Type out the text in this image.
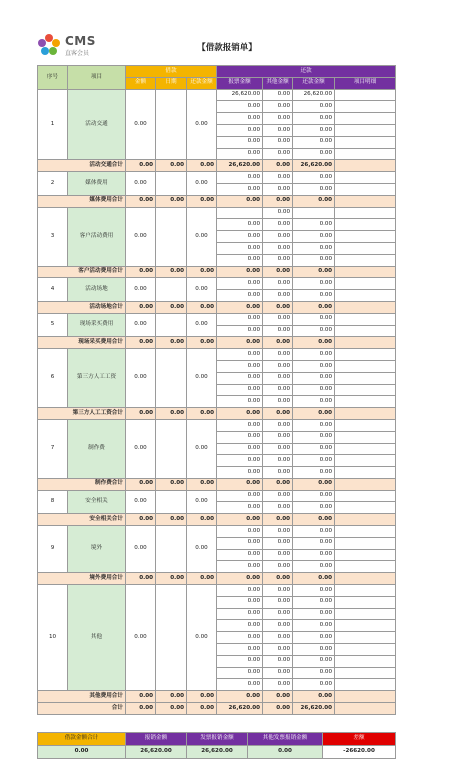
CMS
直客会员
【借款报销单】
序号	项目	借款			还款			
		金额	日期	还款金额	报票金额	其他金额	还款金额	项目明细
1	活动交通	0.00		0.00	26,620.00	0.00	26,620.00	
					0.00	0.00	0.00	
					0.00	0.00	0.00	
					0.00	0.00	0.00	
					0.00	0.00	0.00	
					0.00	0.00	0.00	
活动交通合计		0.00	0.00	0.00	26,620.00	0.00	26,620.00	
2	媒体费用	0.00		0.00	0.00	0.00	0.00	
					0.00	0.00	0.00	
媒体费用合计		0.00	0.00	0.00	0.00	0.00	0.00	
3	客户活动费用	0.00		0.00		0.00		
					0.00	0.00	0.00	
					0.00	0.00	0.00	
					0.00	0.00	0.00	
					0.00	0.00	0.00	
客户活动费用合计		0.00	0.00	0.00	0.00	0.00	0.00	
4	活动场地	0.00		0.00	0.00	0.00	0.00	
					0.00	0.00	0.00	
活动场地合计		0.00	0.00	0.00	0.00	0.00	0.00	
5	现场采买费用	0.00		0.00	0.00	0.00	0.00	
					0.00	0.00	0.00	
现场采买费用合计		0.00	0.00	0.00	0.00	0.00	0.00	
6	第三方人工工资	0.00		0.00	0.00	0.00	0.00	
					0.00	0.00	0.00	
					0.00	0.00	0.00	
					0.00	0.00	0.00	
					0.00	0.00	0.00	
第三方人工工资合计		0.00	0.00	0.00	0.00	0.00	0.00	
7	制作费	0.00		0.00	0.00	0.00	0.00	
					0.00	0.00	0.00	
					0.00	0.00	0.00	
					0.00	0.00	0.00	
					0.00	0.00	0.00	
制作费合计		0.00	0.00	0.00	0.00	0.00	0.00	
8	安全相关	0.00		0.00	0.00	0.00	0.00	
					0.00	0.00	0.00	
安全相关合计		0.00	0.00	0.00	0.00	0.00	0.00	
9	境外	0.00		0.00	0.00	0.00	0.00	
					0.00	0.00	0.00	
					0.00	0.00	0.00	
					0.00	0.00	0.00	
境外费用合计		0.00	0.00	0.00	0.00	0.00	0.00	
10	其他	0.00		0.00	0.00	0.00	0.00	
					0.00	0.00	0.00	
					0.00	0.00	0.00	
					0.00	0.00	0.00	
					0.00	0.00	0.00	
					0.00	0.00	0.00	
					0.00	0.00	0.00	
					0.00	0.00	0.00	
					0.00	0.00	0.00	
其他费用合计		0.00	0.00	0.00	0.00	0.00	0.00	
合计		0.00	0.00	0.00	26,620.00	0.00	26,620.00	
借款金额合计	报销金额	发票报销金额	其他发票报销金额	差额
0.00	26,620.00	26,620.00	0.00	-26620.00
